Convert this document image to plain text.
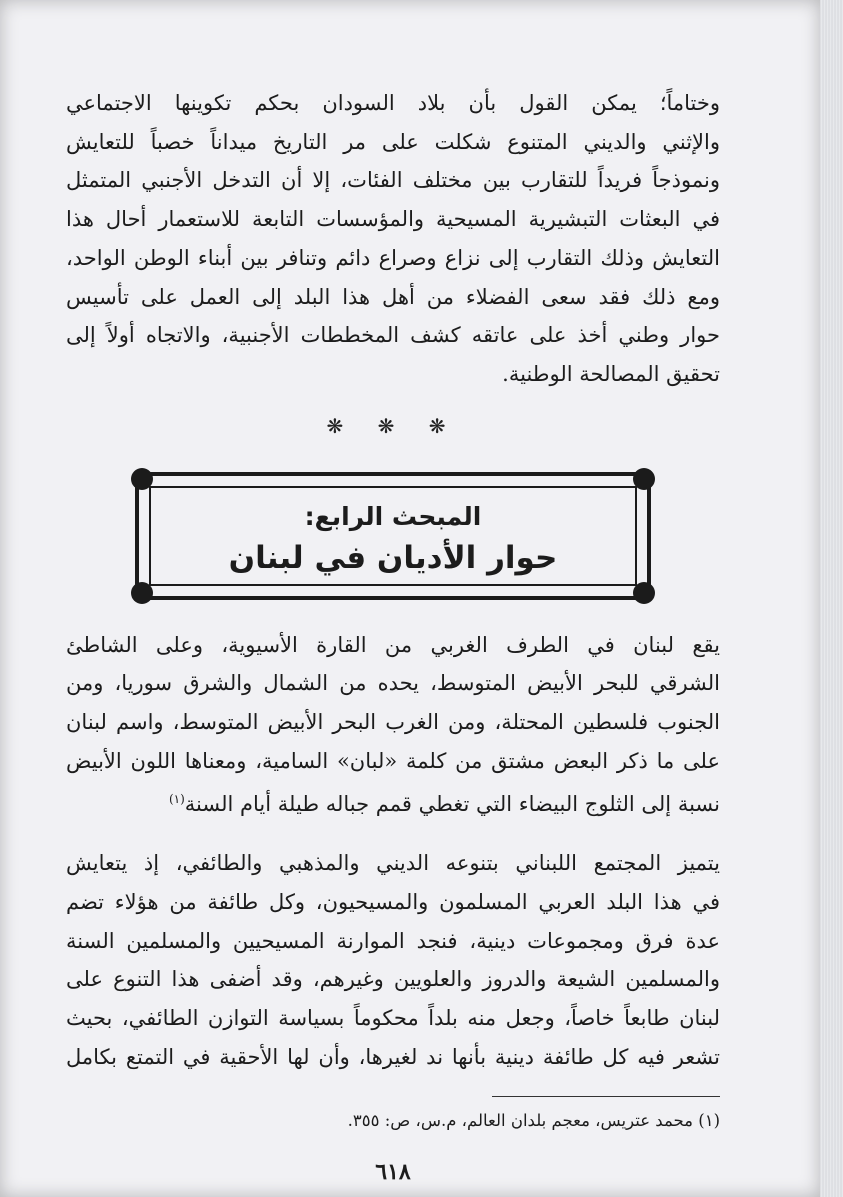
وختاماً؛ يمكن القول بأن بلاد السودان بحكم تكوينها الاجتماعي
والإثني والديني المتنوع شكلت على مر التاريخ ميداناً خصباً للتعايش
ونموذجاً فريداً للتقارب بين مختلف الفئات، إلا أن التدخل الأجنبي المتمثل
في البعثات التبشيرية المسيحية والمؤسسات التابعة للاستعمار أحال هذا
التعايش وذلك التقارب إلى نزاع وصراع دائم وتنافر بين أبناء الوطن الواحد،
ومع ذلك فقد سعى الفضلاء من أهل هذا البلد إلى العمل على تأسيس
حوار وطني أخذ على عاتقه كشف المخططات الأجنبية، والاتجاه أولاً إلى
تحقيق المصالحة الوطنية.

❋ ❋ ❋
المبحث الرابع:
حوار الأديان في لبنان

يقع لبنان في الطرف الغربي من القارة الأسيوية، وعلى الشاطئ
الشرقي للبحر الأبيض المتوسط، يحده من الشمال والشرق سوريا، ومن
الجنوب فلسطين المحتلة، ومن الغرب البحر الأبيض المتوسط، واسم لبنان
على ما ذكر البعض مشتق من كلمة «لبان» السامية، ومعناها اللون الأبيض
نسبة إلى الثلوج البيضاء التي تغطي قمم جباله طيلة أيام السنة$^{(١)}$

يتميز المجتمع اللبناني بتنوعه الديني والمذهبي والطائفي، إذ يتعايش
في هذا البلد العربي المسلمون والمسيحيون، وكل طائفة من هؤلاء تضم
عدة فرق ومجموعات دينية، فنجد الموارنة المسيحيين والمسلمين السنة
والمسلمين الشيعة والدروز والعلويين وغيرهم، وقد أضفى هذا التنوع على
لبنان طابعاً خاصاً، وجعل منه بلداً محكوماً بسياسة التوازن الطائفي، بحيث
تشعر فيه كل طائفة دينية بأنها ند لغيرها، وأن لها الأحقية في التمتع بكامل

(١) محمد عتريس، معجم بلدان العالم، م.س، ص: ٣٥٥.
٦١٨
